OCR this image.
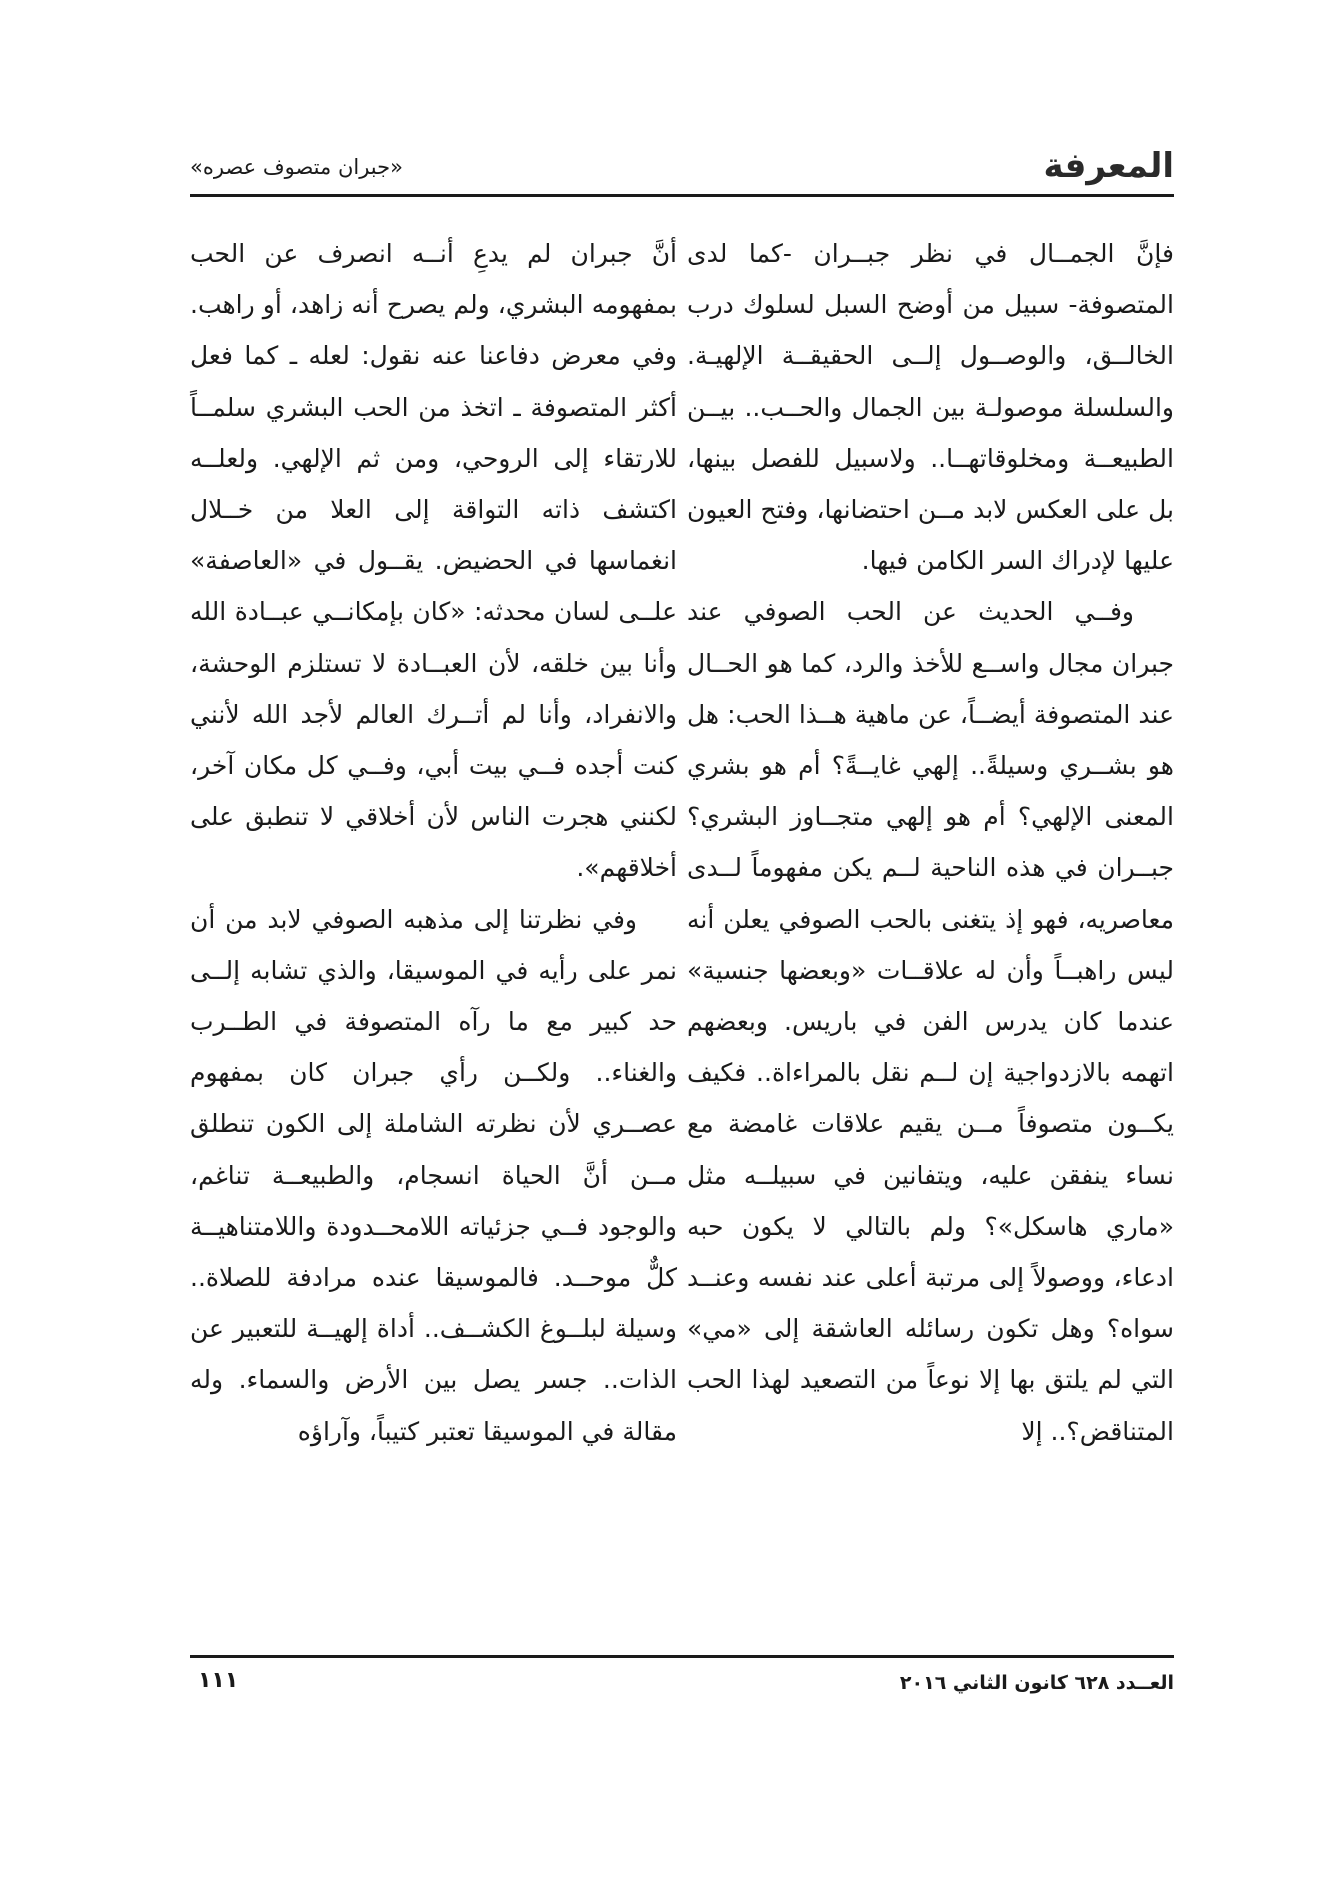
المعرفة
«جبران متصوف عصره»

فإنَّ الجمــال في نظر جبــران -كما لدى المتصوفة- سبيل من أوضح السبل لسلوك درب الخالــق، والوصــول إلــى الحقيقــة الإلهيـة. والسلسلة موصولـة بين الجمال والحــب.. بيــن الطبيعــة ومخلوقاتهــا.. ولاسبيل للفصل بينها، بل على العكس لابد مــن احتضانها، وفتح العيون عليها لإدراك السر الكامن فيها.

وفــي الحديث عن الحب الصوفي عند جبران مجال واســع للأخذ والرد، كما هو الحــال عند المتصوفة أيضــاً، عن ماهية هــذا الحب: هل هو بشــري وسيلةً.. إلهي غايــةً؟ أم هو بشري المعنى الإلهي؟ أم هو إلهي متجــاوز البشري؟ جبــران في هذه الناحية لــم يكن مفهوماً لــدى معاصريه، فهو إذ يتغنى بالحب الصوفي يعلن أنه ليس راهبــاً وأن له علاقــات «وبعضها جنسية» عندما كان يدرس الفن في باريس. وبعضهم اتهمه بالازدواجية إن لــم نقل بالمراءاة.. فكيف يكــون متصوفاً مــن يقيم علاقات غامضة مع نساء ينفقن عليه، ويتفانين في سبيلــه مثل «ماري هاسكل»؟ ولم بالتالي لا يكون حبه ادعاء، ووصولاً إلى مرتبة أعلى عند نفسه وعنــد سواه؟ وهل تكون رسائله العاشقة إلى «مي» التي لم يلتق بها إلا نوعاً من التصعيد لهذا الحب المتناقض؟.. إلا

أنَّ جبران لم يدعِ أنــه انصرف عن الحب بمفهومه البشري، ولم يصرح أنه زاهد، أو راهب. وفي معرض دفاعنا عنه نقول: لعله ـ كما فعل أكثر المتصوفة ـ اتخذ من الحب البشري سلمــاً للارتقاء إلى الروحي، ومن ثم الإلهي. ولعلــه اكتشف ذاته التواقة إلى العلا من خــلال انغماسها في الحضيض. يقــول في «العاصفة» علــى لسان محدثه: «كان بإمكانــي عبــادة الله وأنا بين خلقه، لأن العبــادة لا تستلزم الوحشة، والانفراد، وأنا لم أتــرك العالم لأجد الله لأنني كنت أجده فــي بيت أبي، وفــي كل مكان آخر، لكنني هجرت الناس لأن أخلاقي لا تنطبق على أخلاقهم».

وفي نظرتنا إلى مذهبه الصوفي لابد من أن نمر على رأيه في الموسيقا، والذي تشابه إلــى حد كبير مع ما رآه المتصوفة في الطــرب والغناء.. ولكــن رأي جبران كان بمفهوم عصــري لأن نظرته الشاملة إلى الكون تنطلق مــن أنَّ الحياة انسجام، والطبيعــة تناغم، والوجود فــي جزئياته اللامحــدودة واللامتناهيــة كلٌّ موحــد. فالموسيقا عنده مرادفة للصلاة.. وسيلة لبلــوغ الكشــف.. أداة إلهيــة للتعبير عن الذات.. جسر يصل بين الأرض والسماء. وله مقالة في الموسيقا تعتبر كتيباً، وآراؤه

العــدد ٦٢٨ كانون الثاني ٢٠١٦
١١١
